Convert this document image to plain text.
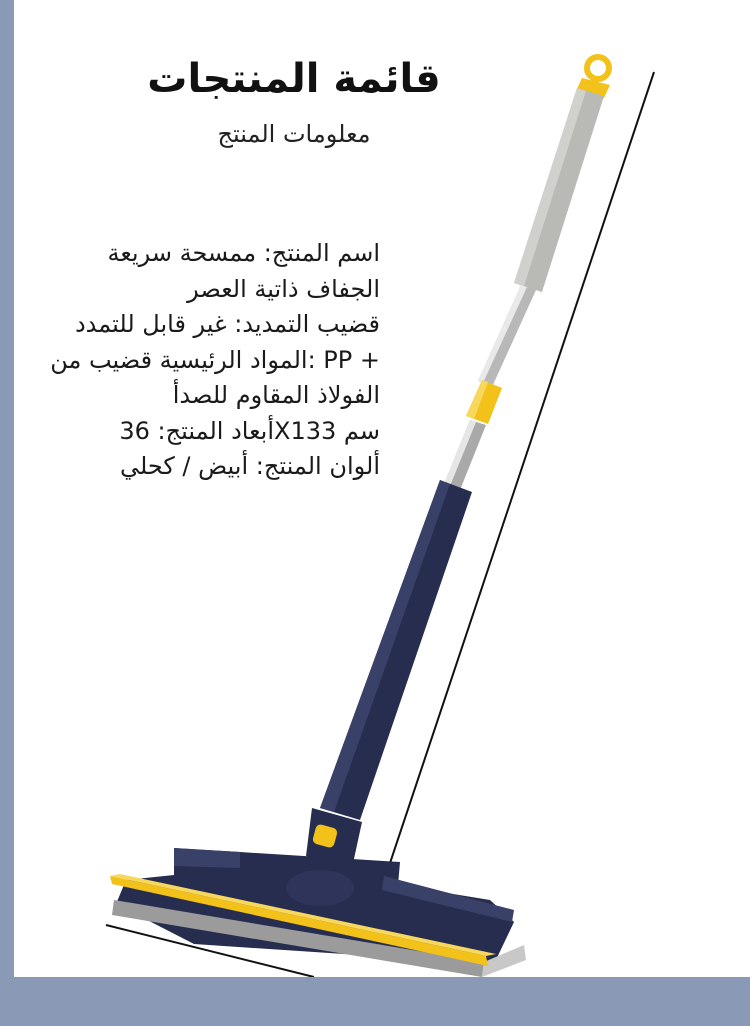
قائمة المنتجات
معلومات المنتج

اسم المنتج: ممسحة سريعة الجفاف ذاتية العصر

قضيب التمديد: غير قابل للتمدد

+ PP :المواد الرئيسية قضيب من الفولاذ المقاوم للصدأ

سم X133أبعاد المنتج: 36

ألوان المنتج: أبيض / كحلي
